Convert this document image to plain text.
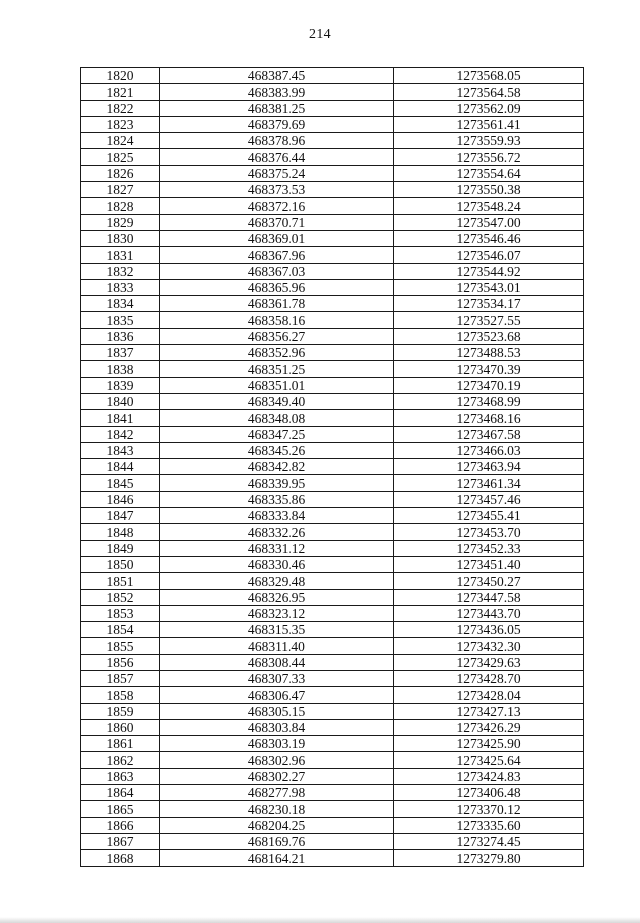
214
1820	468387.45	1273568.05
1821	468383.99	1273564.58
1822	468381.25	1273562.09
1823	468379.69	1273561.41
1824	468378.96	1273559.93
1825	468376.44	1273556.72
1826	468375.24	1273554.64
1827	468373.53	1273550.38
1828	468372.16	1273548.24
1829	468370.71	1273547.00
1830	468369.01	1273546.46
1831	468367.96	1273546.07
1832	468367.03	1273544.92
1833	468365.96	1273543.01
1834	468361.78	1273534.17
1835	468358.16	1273527.55
1836	468356.27	1273523.68
1837	468352.96	1273488.53
1838	468351.25	1273470.39
1839	468351.01	1273470.19
1840	468349.40	1273468.99
1841	468348.08	1273468.16
1842	468347.25	1273467.58
1843	468345.26	1273466.03
1844	468342.82	1273463.94
1845	468339.95	1273461.34
1846	468335.86	1273457.46
1847	468333.84	1273455.41
1848	468332.26	1273453.70
1849	468331.12	1273452.33
1850	468330.46	1273451.40
1851	468329.48	1273450.27
1852	468326.95	1273447.58
1853	468323.12	1273443.70
1854	468315.35	1273436.05
1855	468311.40	1273432.30
1856	468308.44	1273429.63
1857	468307.33	1273428.70
1858	468306.47	1273428.04
1859	468305.15	1273427.13
1860	468303.84	1273426.29
1861	468303.19	1273425.90
1862	468302.96	1273425.64
1863	468302.27	1273424.83
1864	468277.98	1273406.48
1865	468230.18	1273370.12
1866	468204.25	1273335.60
1867	468169.76	1273274.45
1868	468164.21	1273279.80
